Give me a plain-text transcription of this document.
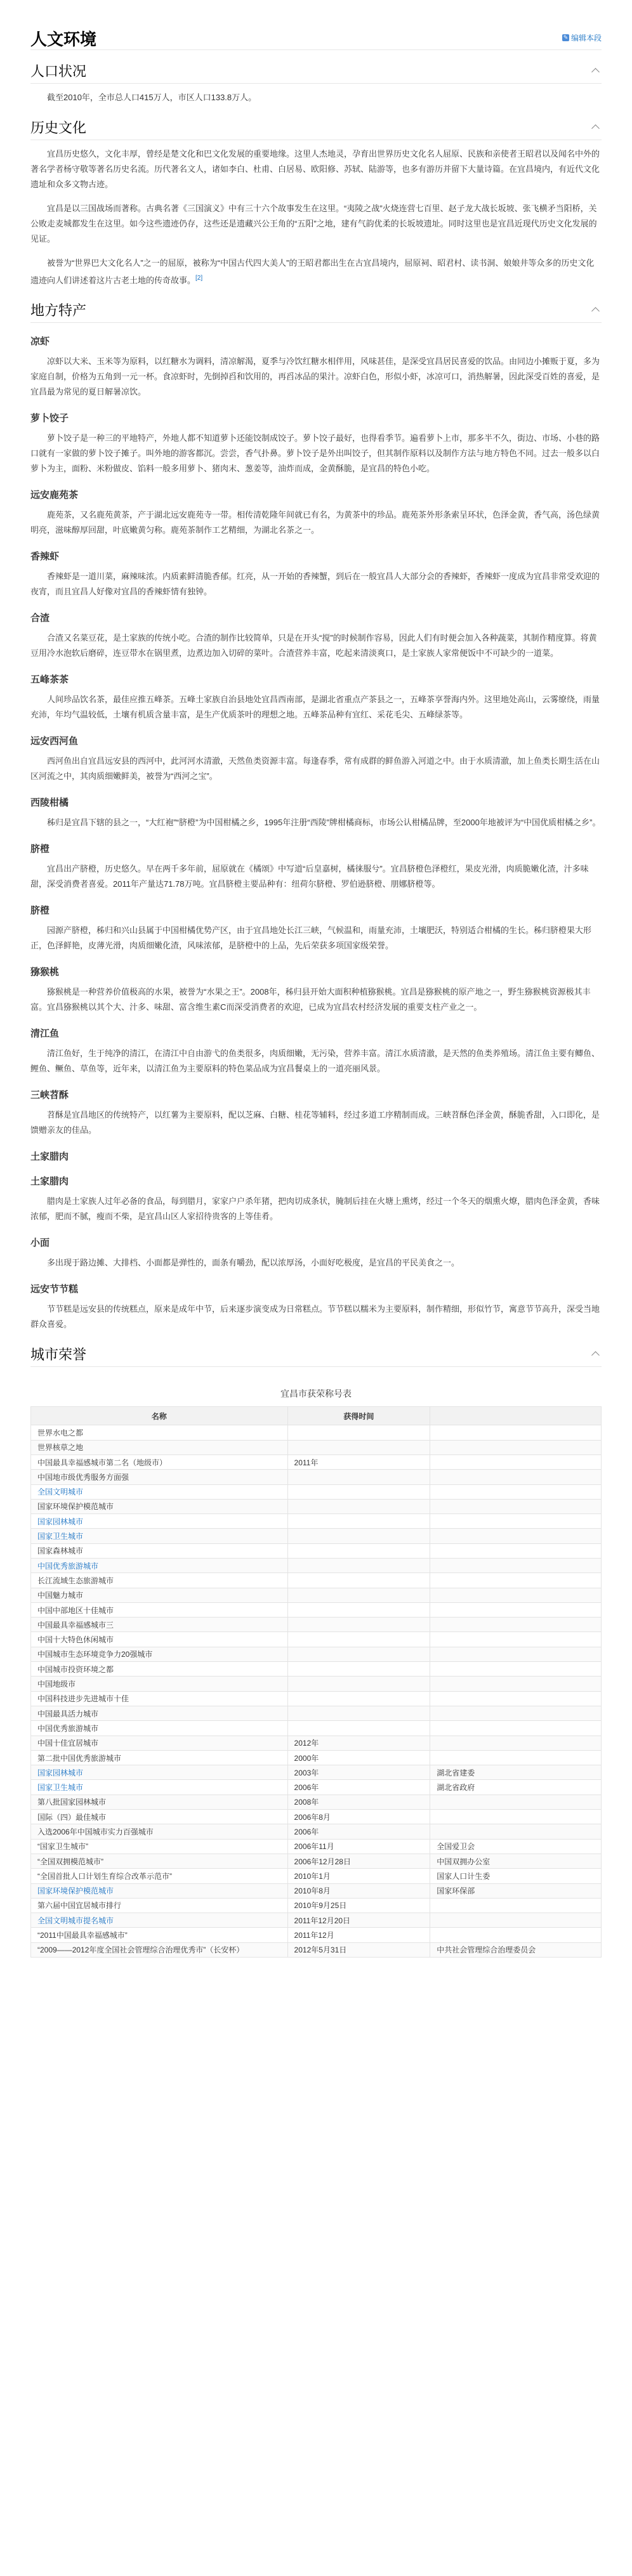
人文环境	✎ 编辑本段
人口状况

截至2010年，全市总人口415万人，市区人口133.8万人。

历史文化

宜昌历史悠久，文化丰厚，曾经是楚文化和巴文化发展的重要地缘。这里人杰地灵，孕育出世界历史文化名人屈原、民族和亲使者王昭君以及闻名中外的著名学者杨守敬等著名历史名流。历代著名文人，诸如李白、杜甫、白居易、欧阳修、苏轼、陆游等，也多有游历并留下大量诗篇。在宜昌境内，有近代文化遗址和众多文物古迹。

宜昌是以三国战场而著称。古典名著《三国演义》中有三十六个故事发生在这里。“夷陵之战”火烧连营七百里、赵子龙大战长坂坡、张飞横矛当阳桥，关公败走麦城都发生在这里。如今这些遗迹仍存，这些还是遗藏兴公王角的“五阳”之地，建有气韵优柔的长坂坡遗址。同时这里也是宜昌近现代历史文化发展的见证。

被誉为“世界巴大文化名人”之一的屈原，被称为“中国古代四大美人”的王昭君都出生在古宜昌境内，屈原祠、昭君村、读书洞、娘娘井等众多的历史文化遗迹向人们讲述着这片古老土地的传奇故事。[2]

地方特产
凉虾

凉虾以大米、玉米等为原料，以红糖水为调料，清凉解渴，夏季与冷饮红糖水相伴用，风味甚佳，是深受宜昌居民喜爱的饮品。由同边小摊贩于夏，多为家庭自制，价格为五角到一元一杯。食凉虾时，先倒掉舀和饮用的，再舀冰品的果汁。凉虾白色，形似小虾，冰凉可口，消热解暑，因此深受百姓的喜爱，是宜昌最为常见的夏日解暑凉饮。

萝卜饺子

萝卜饺子是一种三的平地特产，外地人都不知道萝卜还能饺制成饺子。萝卜饺子最好，也得看季节。遍看萝卜上市，那多半不久，街边、市场、小巷的路口就有一家做的萝卜饺子摊子。叫外地的游客都沉。尝尝，香气扑鼻。萝卜饺子是外出叫饺子，但其制作原料以及制作方法与地方特色不同。过去一般多以白萝卜为主，面粉、米粉做皮、馅料一般多用萝卜、猪肉末、葱姜等，油炸而成，金黄酥脆，是宜昌的特色小吃。

远安鹿苑茶

鹿苑茶，又名鹿苑黄茶，产于湖北远安鹿苑寺一带。相传清乾隆年间就已有名，为黄茶中的珍品。鹿苑茶外形条索呈环状，色泽金黄，香气高，汤色绿黄明亮，滋味醇厚回甜，叶底嫩黄匀称。鹿苑茶制作工艺精细，为湖北名茶之一。

香辣虾

香辣虾是一道川菜，麻辣味浓。内质素鲜清脆香郁。红亮，从一开始的香辣蟹，到后在一般宜昌人大部分会的香辣虾，香辣虾一度成为宜昌非常受欢迎的夜宵，而且宜昌人好像对宜昌的香辣虾情有独钟。

合渣

合渣又名菜豆花，是土家族的传统小吃。合渣的制作比较简单，只是在开头“搅”的时候制作容易，因此人们有时便会加入各种蔬菜，其制作精度算。将黄豆用冷水泡软后磨碎，连豆带水在锅里煮，边煮边加入切碎的菜叶。合渣营养丰富，吃起来清淡爽口，是土家族人家常便饭中不可缺少的一道菜。

五峰茶茶

人间珍品饮名茶，最佳应推五峰茶。五峰土家族自治县地处宜昌西南部，是湖北省重点产茶县之一，五峰茶享誉海内外。这里地处高山，云雾缭绕，雨量充沛，年均气温较低，土壤有机质含量丰富，是生产优质茶叶的理想之地。五峰茶品种有宜红、采花毛尖、五峰绿茶等。

远安西河鱼

西河鱼出自宜昌远安县的西河中，此河河水清澈，天然鱼类资源丰富。每逢春季，常有成群的鲜鱼游入河道之中。由于水质清澈，加上鱼类长期生活在山区河流之中，其肉质细嫩鲜美，被誉为“西河之宝”。

西陵柑橘

秭归是宜昌下辖的县之一，“大红袍”“脐橙”为中国柑橘之乡，1995年注册“西陵”牌柑橘商标，市场公认柑橘品牌，至2000年地被评为“中国优质柑橘之乡”。

脐橙

宜昌出产脐橙，历史悠久。早在两千多年前，屈原就在《橘颂》中写道“后皇嘉树，橘徕服兮”。宜昌脐橙色泽橙红，果皮光滑，肉质脆嫩化渣，汁多味甜，深受消费者喜爱。2011年产量达71.78万吨。宜昌脐橙主要品种有：纽荷尔脐橙、罗伯逊脐橙、朋娜脐橙等。

脐橙

园源产脐橙，秭归和兴山县属于中国柑橘优势产区，由于宜昌地处长江三峡，气候温和，雨量充沛，土壤肥沃，特别适合柑橘的生长。秭归脐橙果大形正，色泽鲜艳，皮薄光滑，肉质细嫩化渣，风味浓郁，是脐橙中的上品，先后荣获多项国家级荣誉。

猕猴桃

猕猴桃是一种营养价值极高的水果，被誉为“水果之王”。2008年，秭归县开始大面积种植猕猴桃。宜昌是猕猴桃的原产地之一，野生猕猴桃资源极其丰富。宜昌猕猴桃以其个大、汁多、味甜、富含维生素C而深受消费者的欢迎，已成为宜昌农村经济发展的重要支柱产业之一。

清江鱼

清江鱼好，生于纯净的清江，在清江中自由游弋的鱼类很多，肉质细嫩，无污染，营养丰富。清江水质清澈，是天然的鱼类养殖场。清江鱼主要有鲫鱼、鲤鱼、鳜鱼、草鱼等，近年来，以清江鱼为主要原料的特色菜品成为宜昌餐桌上的一道亮丽风景。

三峡苕酥

苕酥是宜昌地区的传统特产，以红薯为主要原料，配以芝麻、白糖、桂花等辅料，经过多道工序精制而成。三峡苕酥色泽金黄，酥脆香甜，入口即化，是馈赠亲友的佳品。

土家腊肉
土家腊肉

腊肉是土家族人过年必备的食品，每到腊月，家家户户杀年猪，把肉切成条状，腌制后挂在火塘上熏烤，经过一个冬天的烟熏火燎，腊肉色泽金黄，香味浓郁，肥而不腻，瘦而不柴，是宜昌山区人家招待贵客的上等佳肴。

小面

多出现于路边摊、大排档、小面都是弹性的，面条有嚼劲，配以浓厚汤，小面好吃极度，是宜昌的平民美食之一。

远安节节糕

节节糕是远安县的传统糕点，原来是成年中节，后来逐步演变成为日常糕点。节节糕以糯米为主要原料，制作精细，形似竹节，寓意节节高升，深受当地群众喜爱。

城市荣誉
宜昌市获荣称号表
名称	获得时间	
世界水电之都		
世界核草之地		
中国最具幸福感城市第二名（地级市）	2011年	
中国地市级优秀服务方面强		
全国文明城市		
国家环境保护模范城市		
国家园林城市		
国家卫生城市		
国家森林城市		
中国优秀旅游城市		
长江流域生态旅游城市		
中国魅力城市		
中国中部地区十佳城市		
中国最具幸福感城市三		
中国十大特色休闲城市		
中国城市生态环境竞争力20强城市		
中国城市投资环境之都		
中国地级市		
中国科技进步先进城市十佳		
中国最具活力城市		
中国优秀旅游城市		
中国十佳宜居城市	2012年	
第二批中国优秀旅游城市	2000年	
国家园林城市	2003年	湖北省建委
国家卫生城市	2006年	湖北省政府
第八批国家园林城市	2008年	
国际（四）最佳城市	2006年8月	
入选2006年中国城市实力百强城市	2006年	
“国家卫生城市”	2006年11月	全国爱卫会
“全国双拥模范城市”	2006年12月28日	中国双拥办公室
“全国首批人口计划生育综合改革示范市”	2010年1月	国家人口计生委
国家环境保护模范城市	2010年8月	国家环保部
第六届中国宜居城市排行	2010年9月25日	
全国文明城市提名城市	2011年12月20日	
“2011中国最具幸福感城市”	2011年12月	
“2009——2012年度全国社会管理综合治理优秀市”（长安杯）	2012年5月31日	中共社会管理综合治理委员会
